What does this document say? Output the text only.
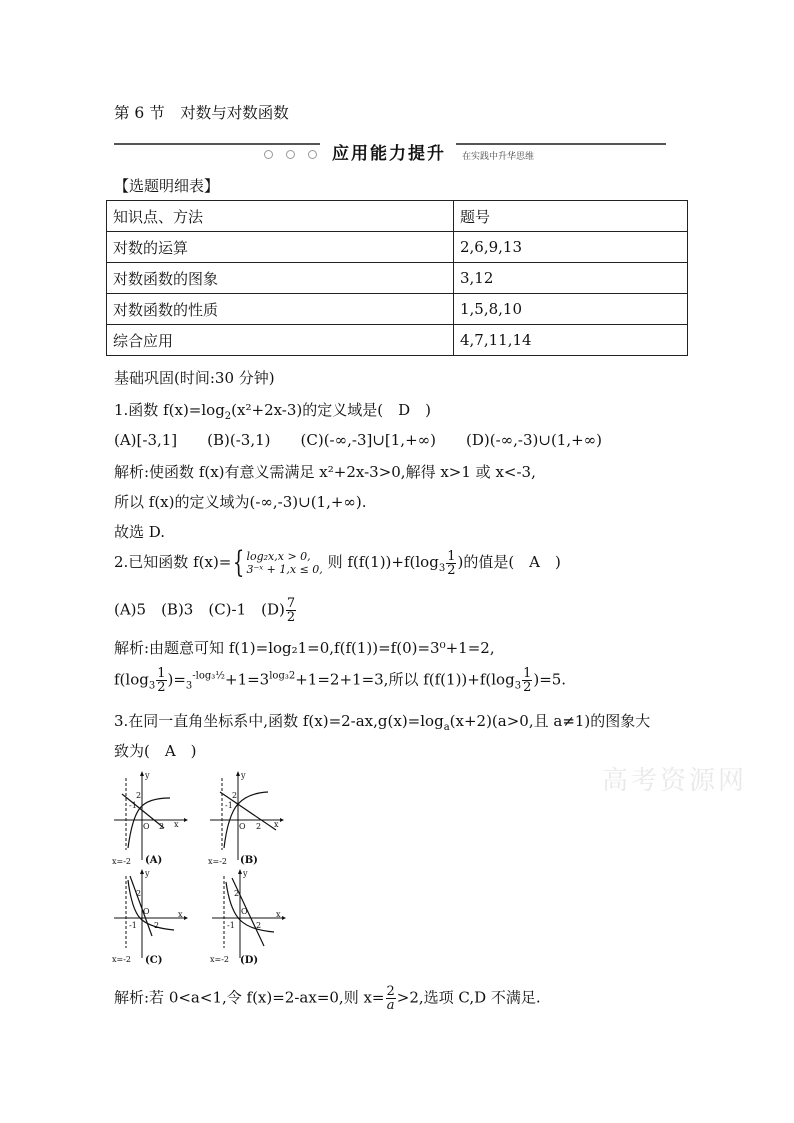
第 6 节　对数与对数函数
应用能力提升 在实践中升华思维
【选题明细表】
知识点、方法	题号
对数的运算	2,6,9,13
对数函数的图象	3,12
对数函数的性质	1,5,8,10
综合应用	4,7,11,14
基础巩固(时间:30 分钟)
1.函数 $f(x)=\log_2(x^2+2x-3)$的定义域是(　D　)
(A)[-3,1]　　(B)(-3,1)　　(C)(-∞,-3]∪[1,+∞)　　(D)(-∞,-3)∪(1,+∞)
解析:使函数 f(x)有意义需满足 x²+2x-3>0,解得 x>1 或 x<-3,
所以 f(x)的定义域为(-∞,-3)∪(1,+∞).
故选 D.
2.已知函数 f(x)={ log₂x,x > 0,
3⁻ˣ + 1,x ≤ 0, 则 $f(f(1))+f(\log_3 \frac{1}{2}$ )的值是(　A　)
(A)5　(B)3　(C)-1　$(D) \frac{7}{2}$
解析:由题意可知 f(1)=log₂1=0,f(f(1))=f(0)=3⁰+1=2,
$f(\log_3 \frac{1}{2} )=_3^{-log_3\frac{1}{2}}+1=3^{log_32}+1=2+1=3$,所以 $f(f(1))+f(\log_3 \frac{1}{2} )=5$.
3.在同一直角坐标系中,函数 $f(x)=2-ax,g(x)=\log_a(x+2)(a>0$,且 a≠1)的图象大
致为(　A　)
y
x
2
-1
O 2
x=-2 (A)
y
x
2
-1
O 2
x=-2 (B)
y
x
2
-1
O
2
x=-2 (C)
y
x
2
-1
O
2
x=-2 (D)
解析:若 0<a<1,令 f(x)=2-ax=0,则 $x= \frac{2}{a} >2$,选项 C,D 不满足.
高考资源网
